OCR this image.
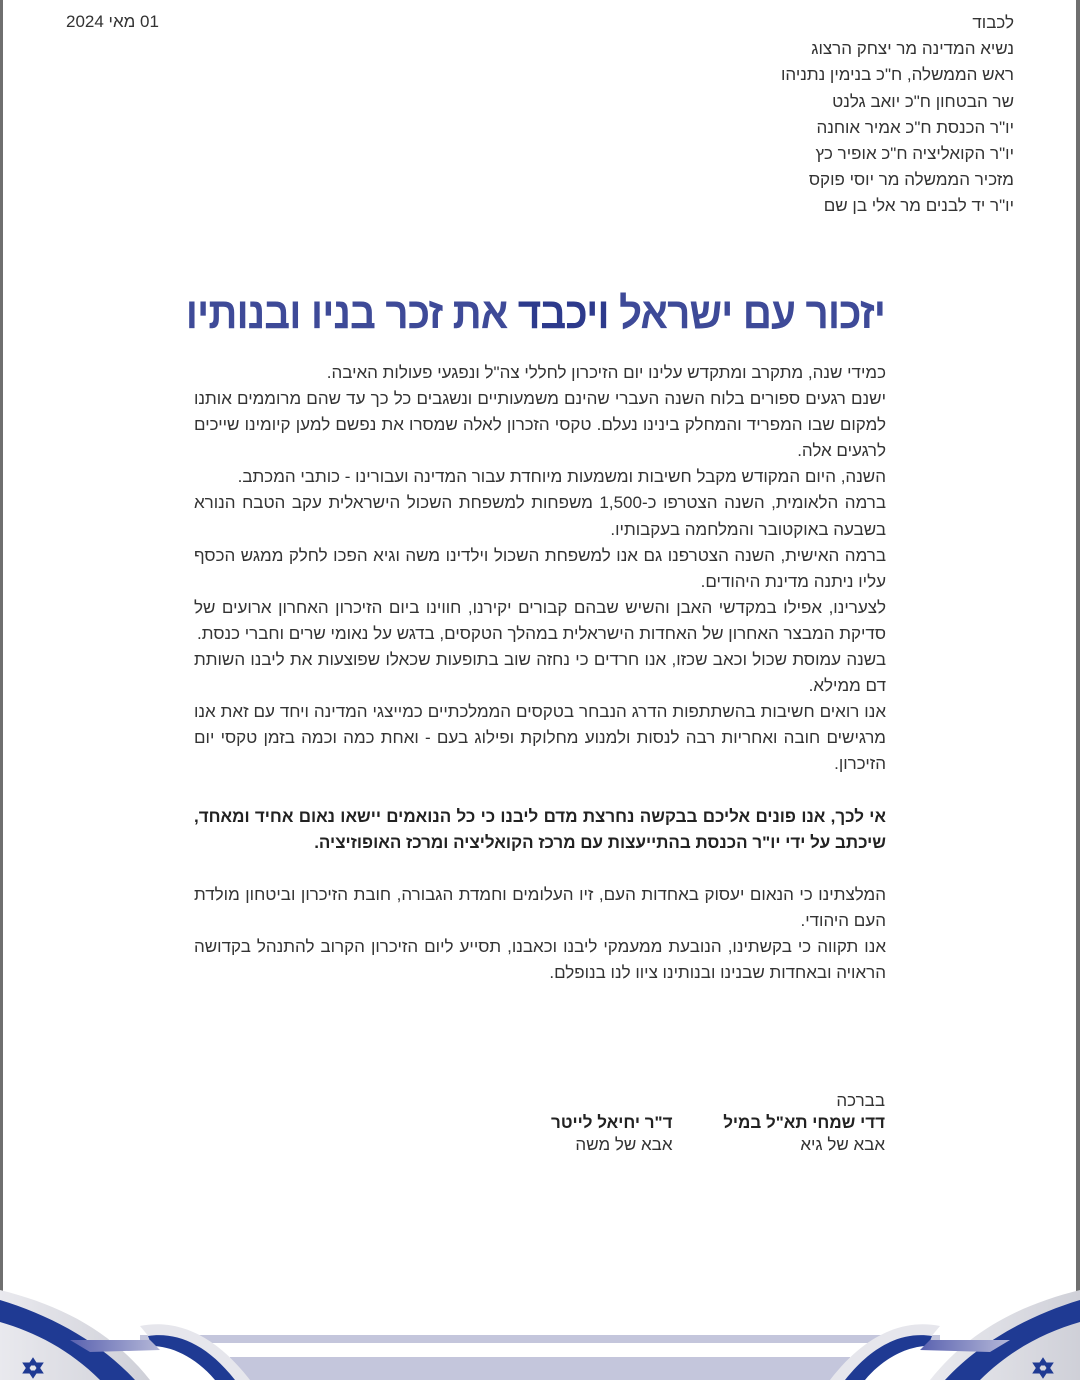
01 מאי 2024	לכבוד
נשיא המדינה מר יצחק הרצוג
ראש הממשלה, ח"כ בנימין נתניהו
שר הבטחון ח"כ יואב גלנט
יו"ר הכנסת ח"כ אמיר אוחנה
יו"ר הקואליציה ח"כ אופיר כץ
מזכיר הממשלה מר יוסי פוקס
יו"ר יד לבנים מר אלי בן שם
יזכור עם ישראל ויכבד את זכר בניו ובנותיו

כמידי שנה, מתקרב ומתקדש עלינו יום הזיכרון לחללי צה"ל ונפגעי פעולות האיבה.

ישנם רגעים ספורים בלוח השנה העברי שהינם משמעותיים ונשגבים כל כך עד שהם מרוממים אותנו למקום שבו המפריד והמחלק בינינו נעלם. טקסי הזכרון לאלה שמסרו את נפשם למען קיומינו שייכים לרגעים אלה.

השנה, היום המקודש מקבל חשיבות ומשמעות מיוחדת עבור המדינה ועבורינו - כותבי המכתב.

ברמה הלאומית, השנה הצטרפו כ-1,500 משפחות למשפחת השכול הישראלית עקב הטבח הנורא בשבעה באוקטובר והמלחמה בעקבותיו.

ברמה האישית, השנה הצטרפנו גם אנו למשפחת השכול וילדינו משה וגיא הפכו לחלק ממגש הכסף עליו ניתנה מדינת היהודים.

לצערינו, אפילו במקדשי האבן והשיש שבהם קבורים יקירנו, חווינו ביום הזיכרון האחרון ארועים של סדיקת המבצר האחרון של האחדות הישראלית במהלך הטקסים, בדגש על נאומי שרים וחברי כנסת.

בשנה עמוסת שכול וכאב שכזו, אנו חרדים כי נחזה שוב בתופעות שכאלו שפוצעות את ליבנו השותת דם ממילא.

אנו רואים חשיבות בהשתתפות הדרג הנבחר בטקסים הממלכתיים כמייצגי המדינה ויחד עם זאת אנו מרגישים חובה ואחריות רבה לנסות ולמנוע מחלוקת ופילוג בעם - ואחת כמה וכמה בזמן טקסי יום הזיכרון.

אי לכך, אנו פונים אליכם בבקשה נחרצת מדם ליבנו כי כל הנואמים יישאו נאום אחיד ומאחד, שיכתב על ידי יו"ר הכנסת בהתייעצות עם מרכז הקואליציה ומרכז האופוזיציה.

המלצתינו כי הנאום יעסוק באחדות העם, זיו העלומים וחמדת הגבורה, חובת הזיכרון וביטחון מולדת העם היהודי.

אנו תקווה כי בקשתינו, הנובעת ממעמקי ליבנו וכאבנו, תסייע ליום הזיכרון הקרוב להתנהל בקדושה הראויה ובאחדות שבנינו ובנותינו ציוו לנו בנופלם.

בברכה
דדי שמחי תא"ל במיל
אבא של גיא
ד"ר יחיאל לייטר
אבא של משה
